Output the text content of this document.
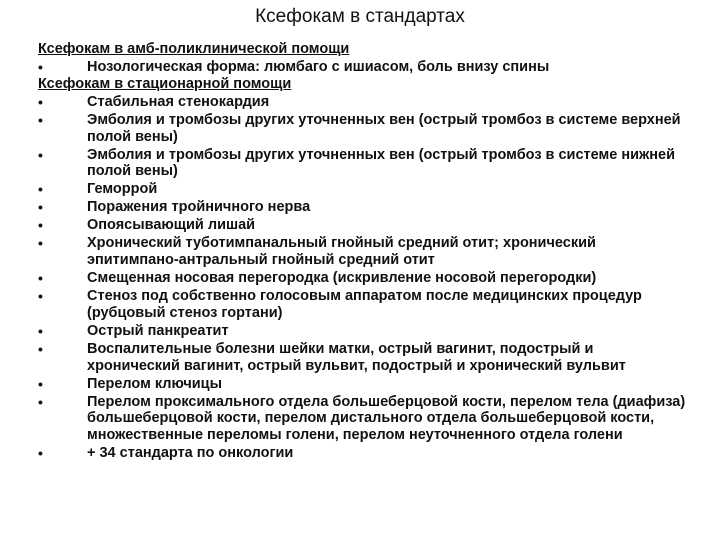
Ксефокам в стандартах
Ксефокам в амб-поликлинической помощи
•	Нозологическая форма: люмбаго с ишиасом, боль внизу спины
Ксефокам в стационарной помощи
•	Стабильная стенокардия
•	Эмболия и тромбозы других уточненных вен (острый тромбоз в системе верхней полой вены)
•	Эмболия и тромбозы других уточненных вен (острый тромбоз в системе нижней полой вены)
•	Геморрой
•	Поражения тройничного нерва
•	Опоясывающий лишай
•	Хронический туботимпанальный гнойный средний отит; хронический эпитимпано-антральный гнойный средний отит
•	Смещенная носовая перегородка (искривление носовой перегородки)
•	Стеноз под собственно голосовым аппаратом после медицинских процедур (рубцовый стеноз гортани)
•	Острый панкреатит
•	Воспалительные болезни шейки матки, острый вагинит, подострый и хронический вагинит, острый вульвит, подострый и хронический вульвит
•	Перелом ключицы
•	Перелом проксимального отдела большеберцовой кости, перелом тела (диафиза) большеберцовой кости, перелом дистального отдела большеберцовой кости, множественные переломы голени, перелом неуточненного отдела голени
•	+ 34 стандарта по онкологии
